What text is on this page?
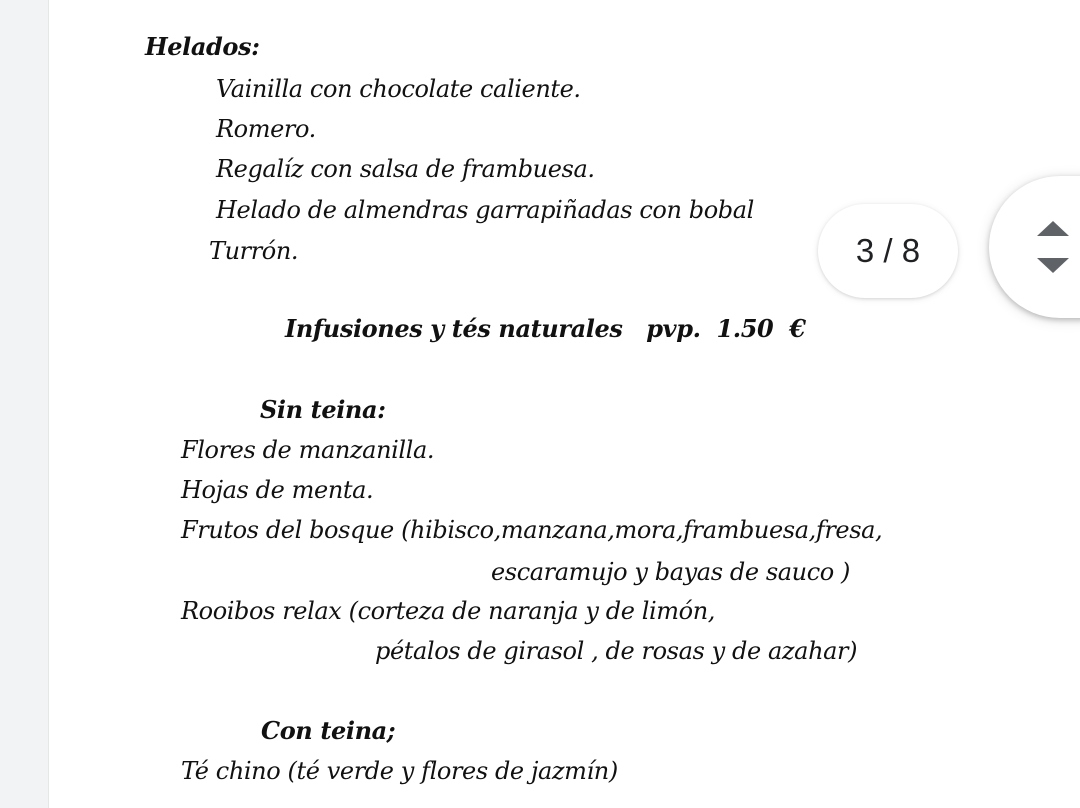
Helados:
Vainilla con chocolate caliente.
Romero.
Regalíz con salsa de frambuesa.
Helado de almendras garrapiñadas con bobal
Turrón.
Infusiones y tés naturales   pvp.  1.50  €
Sin teina:
Flores de manzanilla.
Hojas de menta.
Frutos del bosque (hibisco,manzana,mora,frambuesa,fresa,
escaramujo y bayas de sauco )
Rooibos relax (corteza de naranja y de limón,
pétalos de girasol , de rosas y de azahar)
Con teina;
Té chino (té verde y flores de jazmín)
3 / 8
